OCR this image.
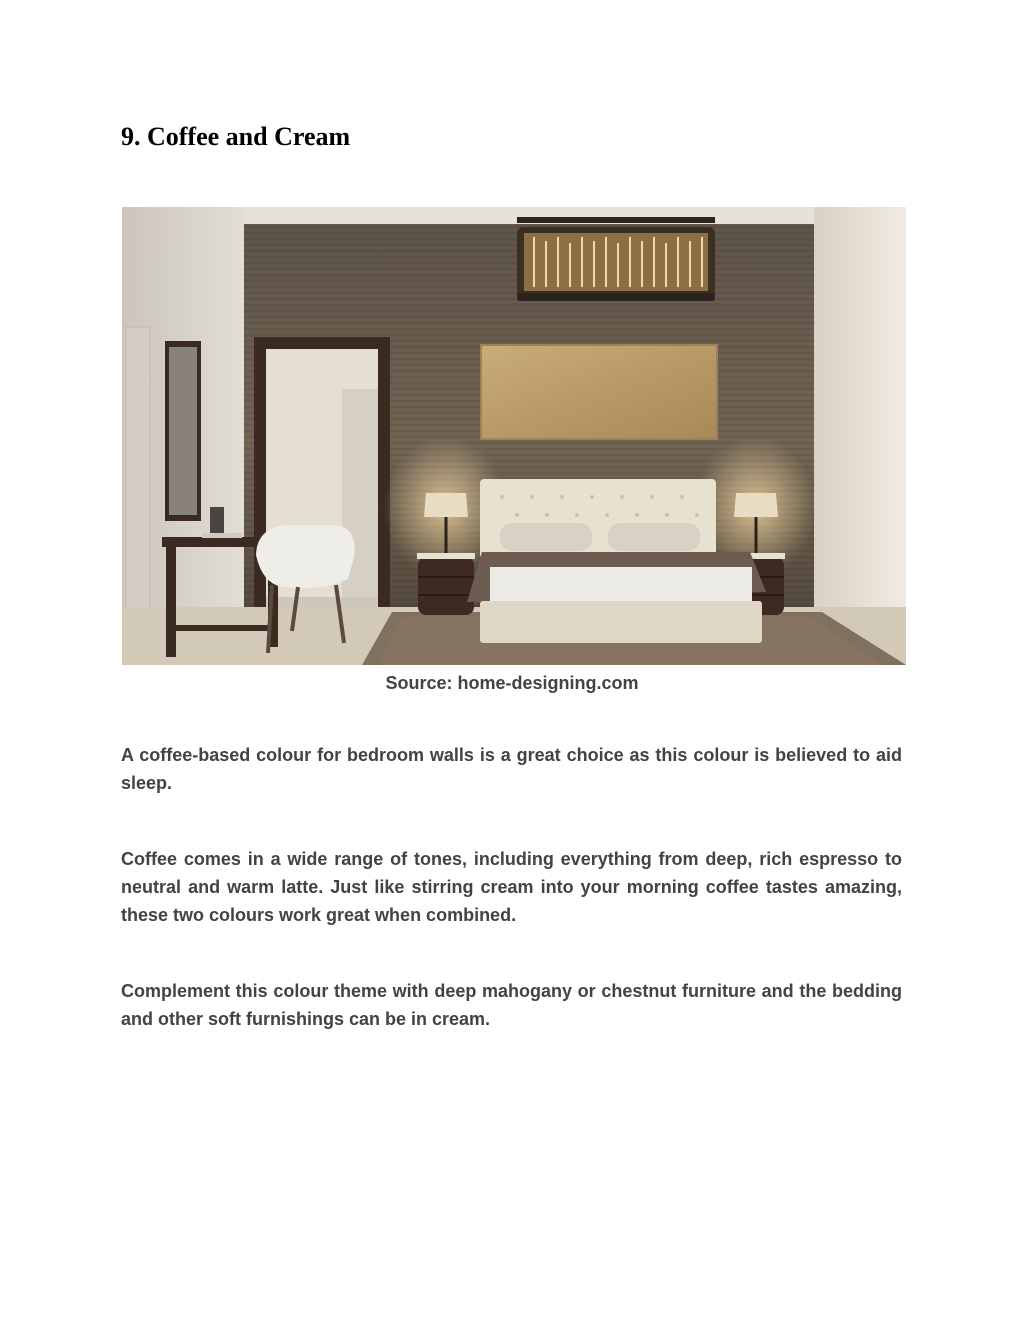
9. Coffee and Cream

Source: home-designing.com

A coffee-based colour for bedroom walls is a great choice as this colour is believed to aid sleep.

Coffee comes in a wide range of tones, including everything from deep, rich espresso to neutral and warm latte. Just like stirring cream into your morning coffee tastes amazing, these two colours work great when combined.

Complement this colour theme with deep mahogany or chestnut furniture and the bedding and other soft furnishings can be in cream.
